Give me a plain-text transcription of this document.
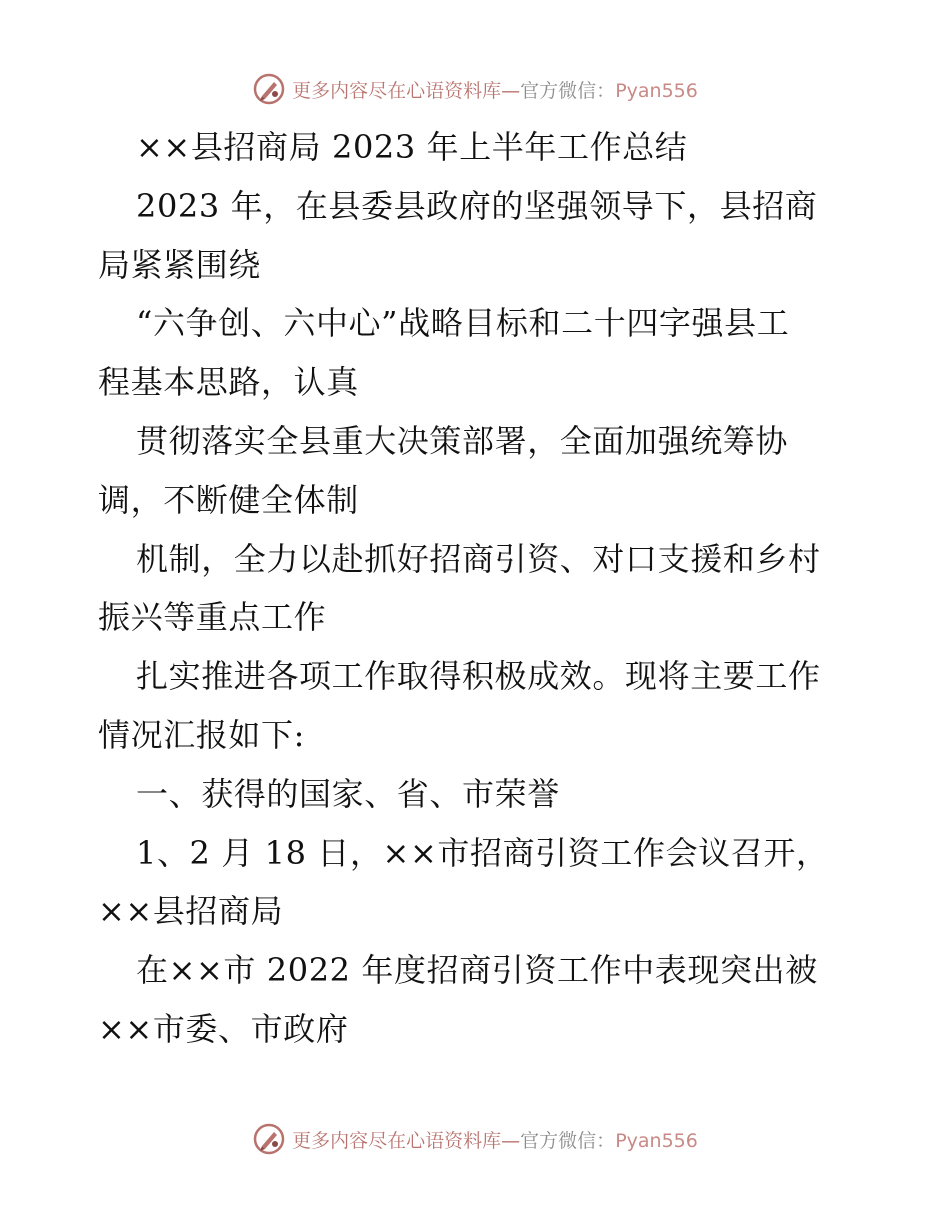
更多内容尽在心语资料库—官方微信：Pyan556
××县招商局 2023 年上半年工作总结
2023 年，在县委县政府的坚强领导下，县招商
局紧紧围绕
“六争创、六中心”战略目标和二十四字强县工
程基本思路，认真
贯彻落实全县重大决策部署，全面加强统筹协
调，不断健全体制
机制，全力以赴抓好招商引资、对口支援和乡村
振兴等重点工作
扎实推进各项工作取得积极成效。现将主要工作
情况汇报如下:
一、获得的国家、省、市荣誉
1、2 月 18 日，××市招商引资工作会议召开，
××县招商局
在××市 2022 年度招商引资工作中表现突出被
××市委、市政府
更多内容尽在心语资料库—官方微信：Pyan556
